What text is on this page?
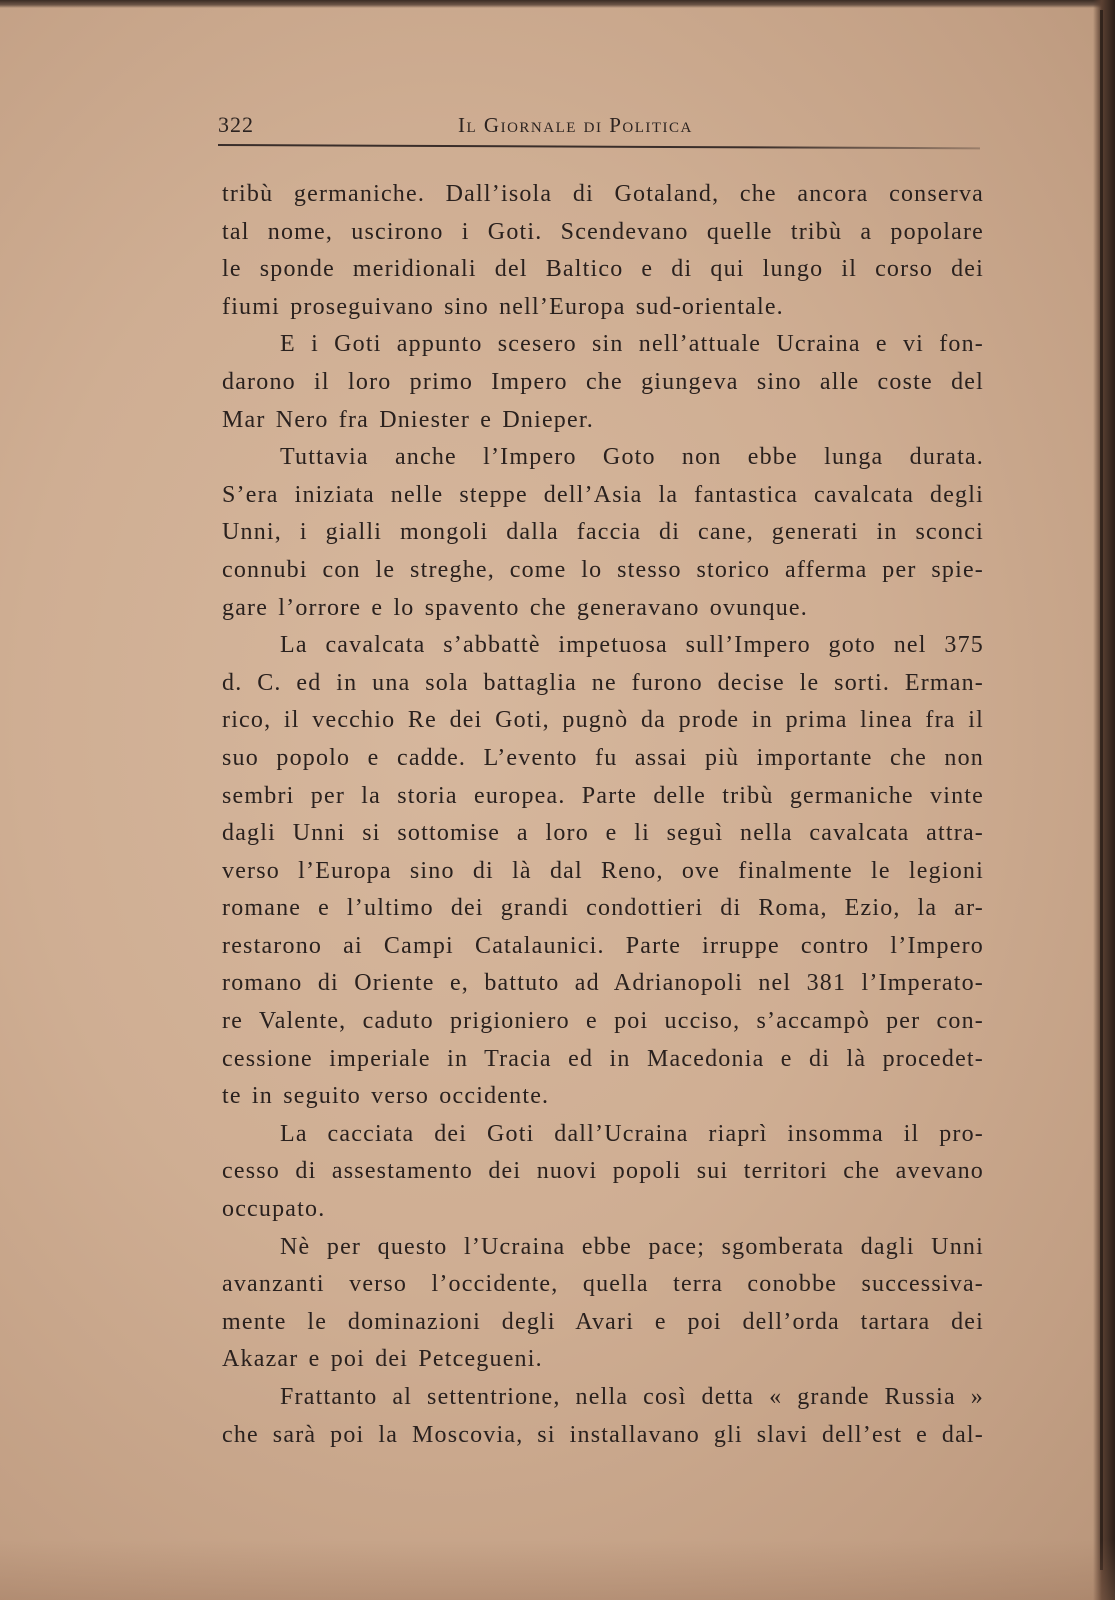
322	Il Giornale di Politica
tribù germaniche. Dall’isola di Gotaland, che ancora conserva
tal nome, uscirono i Goti. Scendevano quelle tribù a popolare
le sponde meridionali del Baltico e di qui lungo il corso dei
fiumi proseguivano sino nell’Europa sud-orientale.
E i Goti appunto scesero sin nell’attuale Ucraina e vi fon-
darono il loro primo Impero che giungeva sino alle coste del
Mar Nero fra Dniester e Dnieper.
Tuttavia anche l’Impero Goto non ebbe lunga durata.
S’era iniziata nelle steppe dell’Asia la fantastica cavalcata degli
Unni, i gialli mongoli dalla faccia di cane, generati in sconci
connubi con le streghe, come lo stesso storico afferma per spie-
gare l’orrore e lo spavento che generavano ovunque.
La cavalcata s’abbattè impetuosa sull’Impero goto nel 375
d. C. ed in una sola battaglia ne furono decise le sorti. Erman-
rico, il vecchio Re dei Goti, pugnò da prode in prima linea fra il
suo popolo e cadde. L’evento fu assai più importante che non
sembri per la storia europea. Parte delle tribù germaniche vinte
dagli Unni si sottomise a loro e li seguì nella cavalcata attra-
verso l’Europa sino di là dal Reno, ove finalmente le legioni
romane e l’ultimo dei grandi condottieri di Roma, Ezio, la ar-
restarono ai Campi Catalaunici. Parte irruppe contro l’Impero
romano di Oriente e, battuto ad Adrianopoli nel 381 l’Imperato-
re Valente, caduto prigioniero e poi ucciso, s’accampò per con-
cessione imperiale in Tracia ed in Macedonia e di là procedet-
te in seguito verso occidente.
La cacciata dei Goti dall’Ucraina riaprì insomma il pro-
cesso di assestamento dei nuovi popoli sui territori che avevano
occupato.
Nè per questo l’Ucraina ebbe pace; sgomberata dagli Unni
avanzanti verso l’occidente, quella terra conobbe successiva-
mente le dominazioni degli Avari e poi dell’orda tartara dei
Akazar e poi dei Petcegueni.
Frattanto al settentrione, nella così detta « grande Russia »
che sarà poi la Moscovia, si installavano gli slavi dell’est e dal-
